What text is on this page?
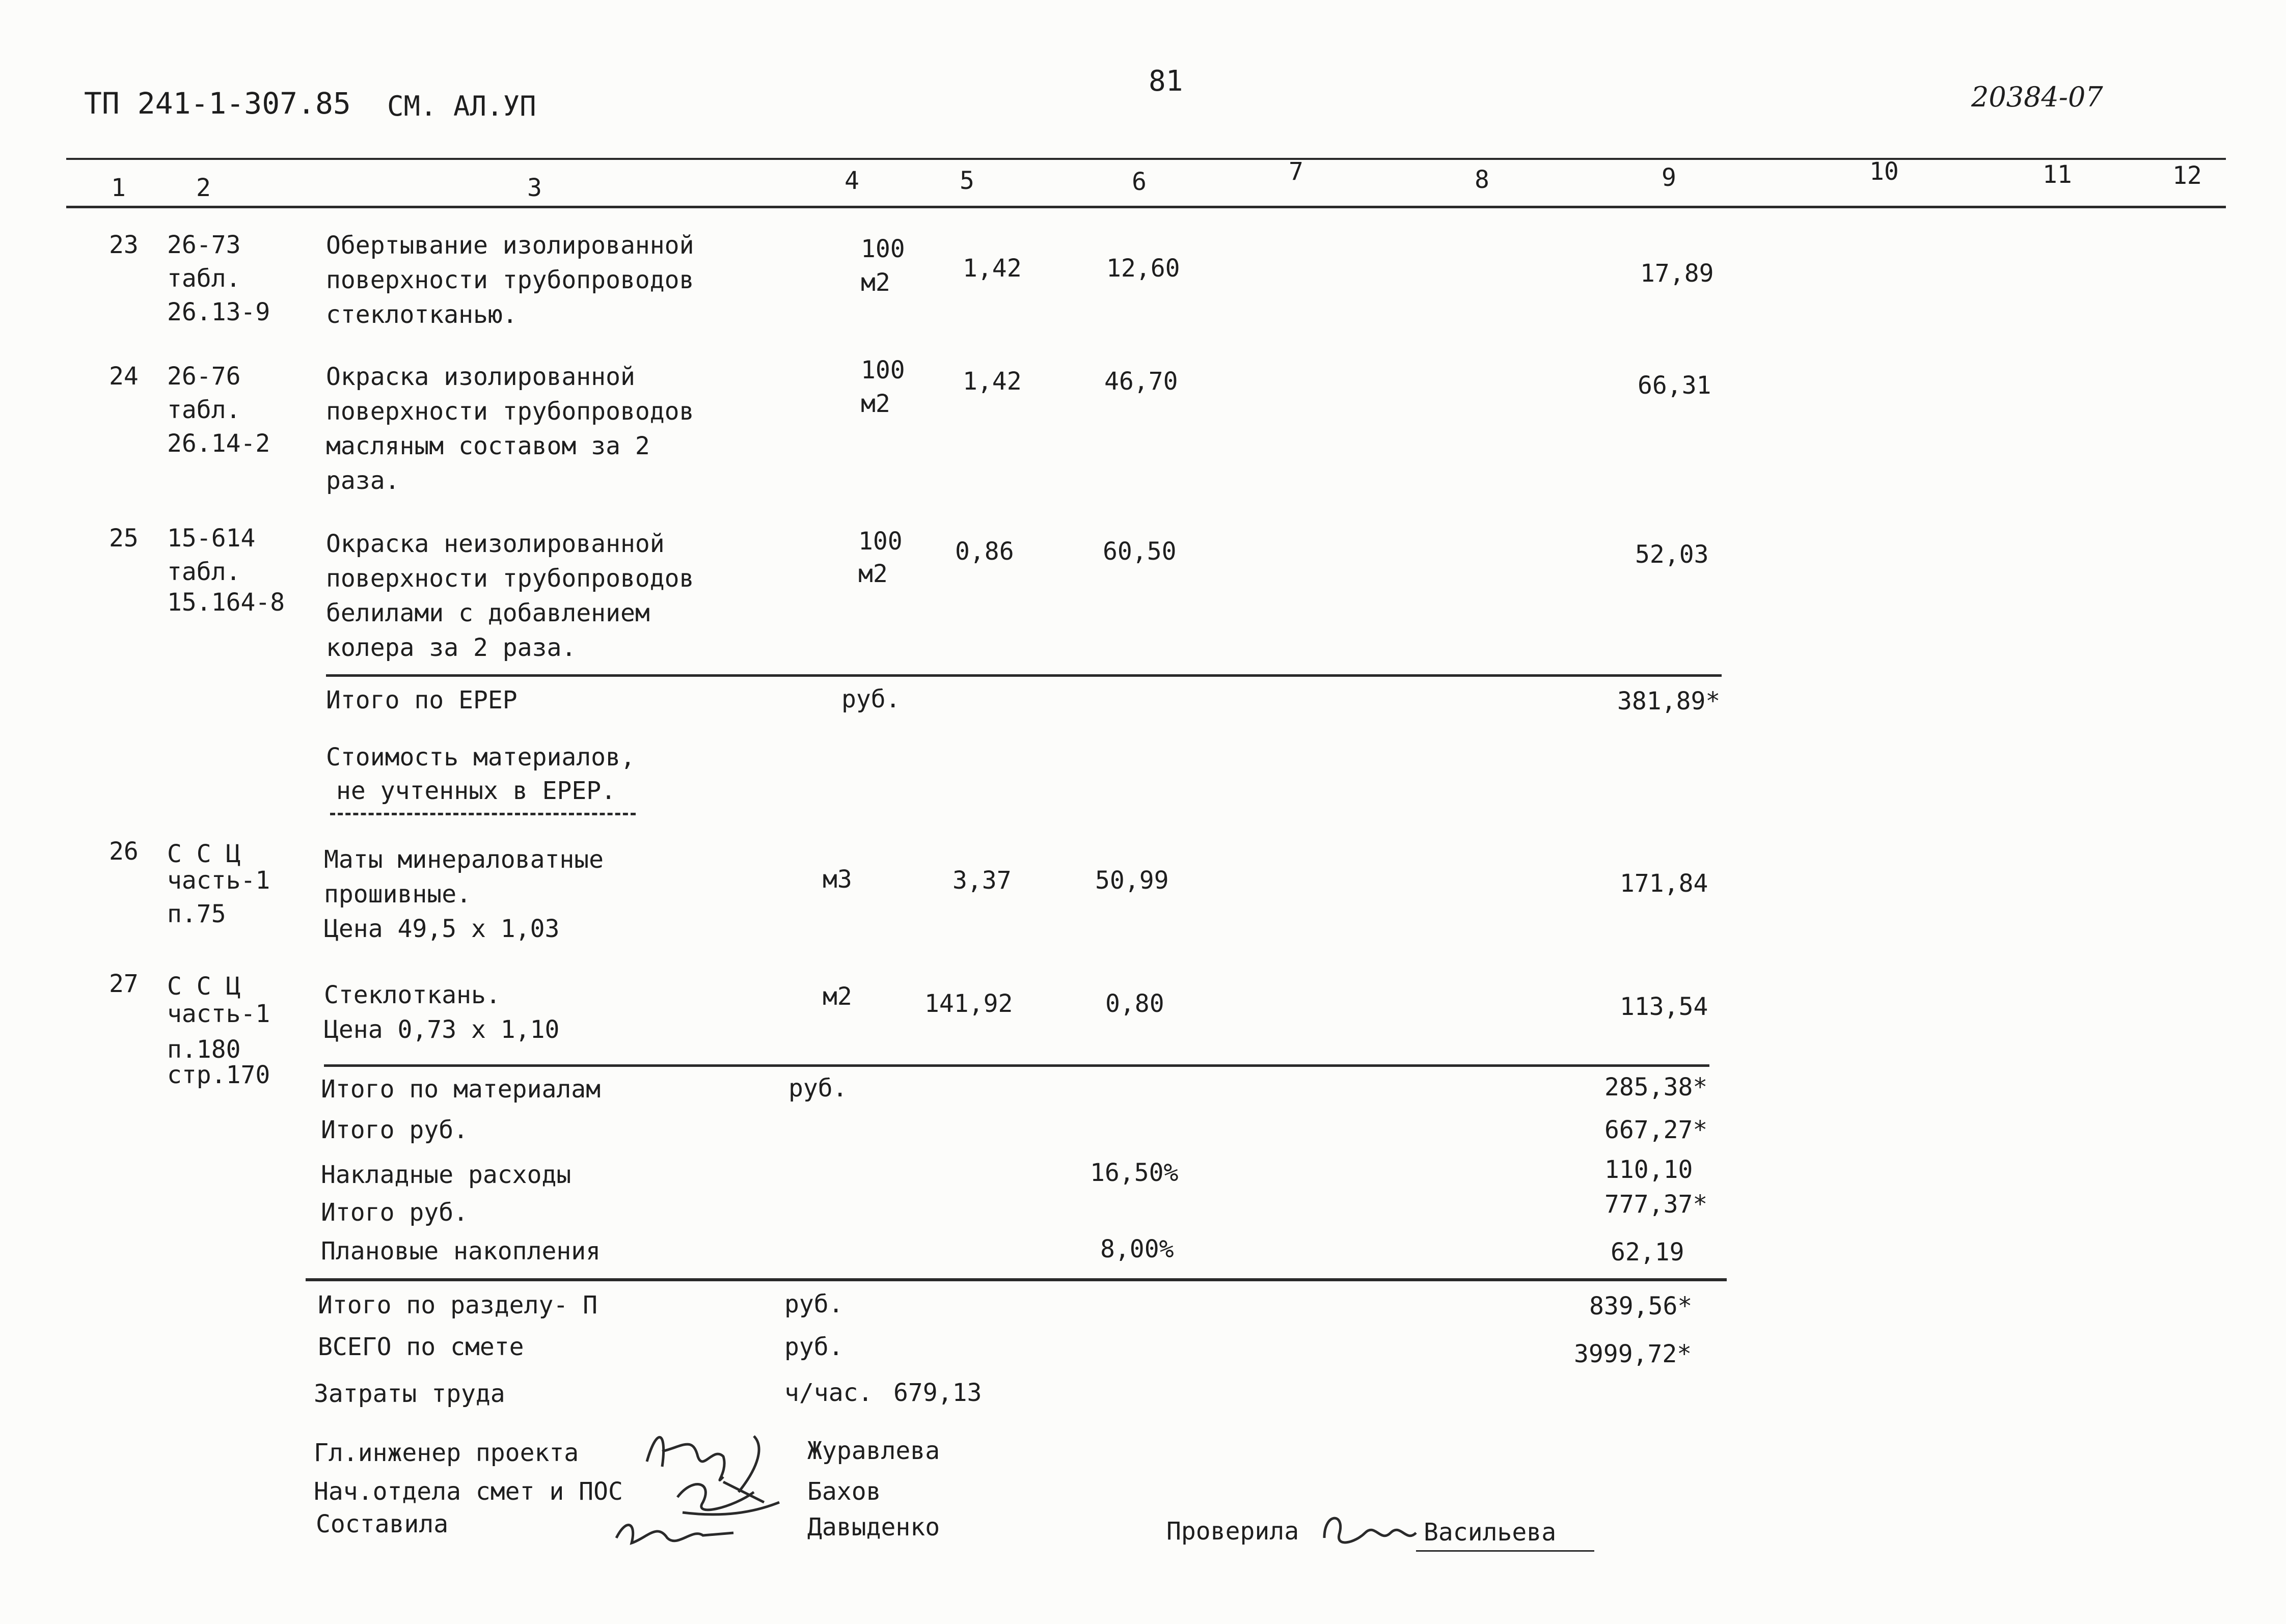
ТП 241-1-307.85 СМ. АЛ.УП
81	20384-07
1	2	3	4	5	6	7	8	9	10	11	12
23 26-73
табл.
26.13-9
Обертывание изолированной
поверхности трубопроводов
стеклотканью.
100
м2	1,42	12,60	17,89
24 26-76
табл.
26.14-2
Окраска изолированной
поверхности трубопроводов
масляным составом за 2
раза.
100
м2
1,42	46,70	66,31
25 15-614
табл.
15.164-8
Окраска неизолированной
поверхности трубопроводов
белилами с добавлением
колера за 2 раза.
100
м2
0,86	60,50	52,03
Итого по ЕРЕР	руб.	381,89*
Стоимость материалов,
не учтенных в ЕРЕР.
26 С С Ц
часть-1
п.75
Маты минераловатные
прошивные.
Цена 49,5 х 1,03
м3	3,37	50,99	171,84
27 С С Ц
часть-1
п.180
стр.170
Стеклоткань.
Цена 0,73 х 1,10
м2	141,92	0,80	113,54
Итого по материалам	руб.	285,38*
Итого руб.	667,27*
Накладные расходы	16,50%	110,10
Итого руб.	777,37*
Плановые накопления	8,00%	62,19
Итого по разделу- П	руб.	839,56*
ВСЕГО по смете	руб.	3999,72*
Затраты труда	ч/час. 679,13
Гл.инженер проекта	Журавлева
Нач.отдела смет и ПОС	Бахов
Составила	Давыденко	Проверила	Васильева
